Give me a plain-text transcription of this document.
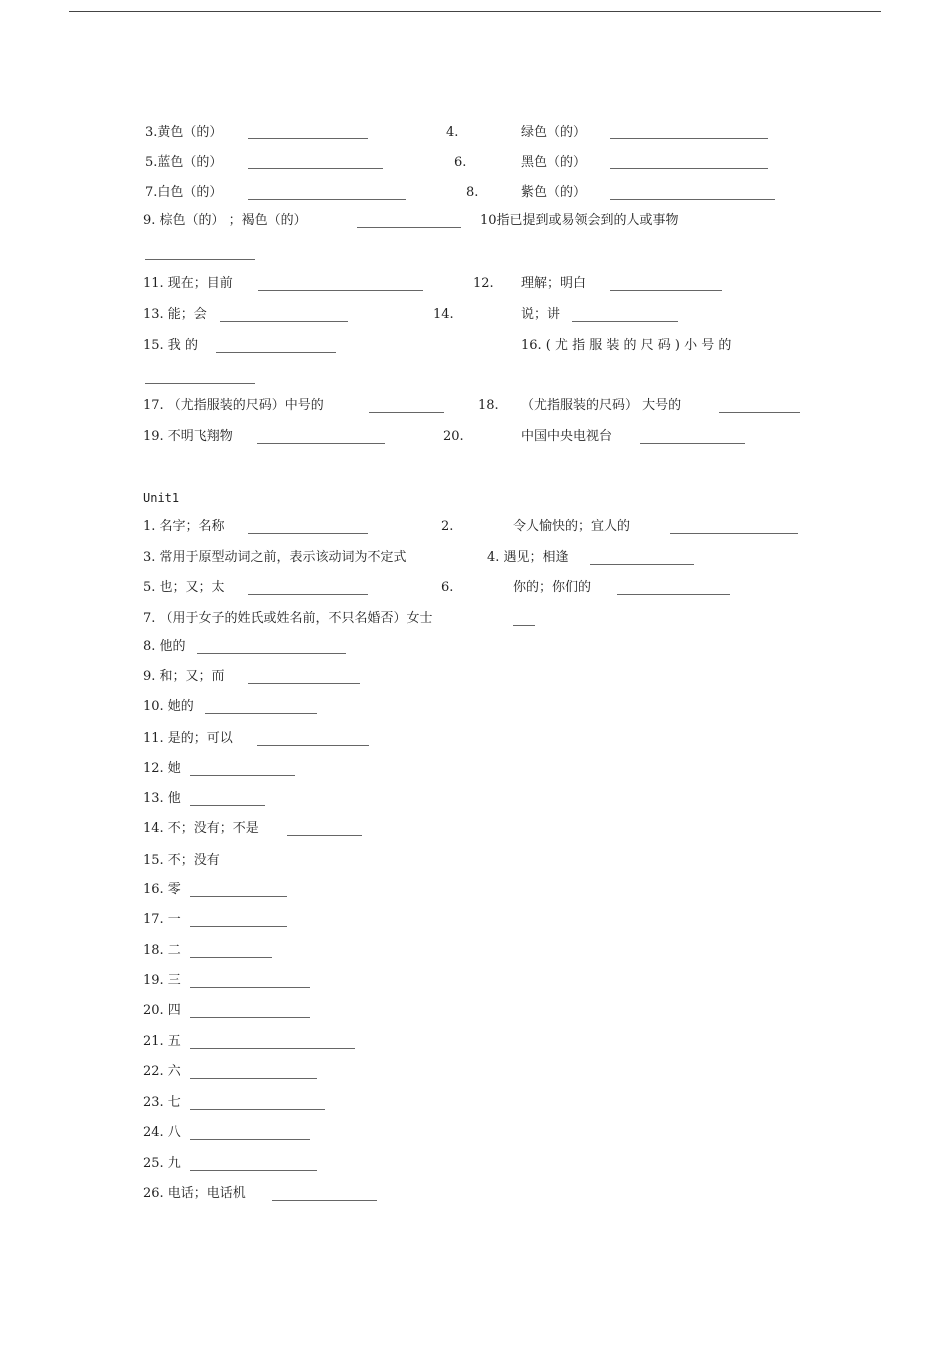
3.黄色（的）	4.	绿色（的）
5.蓝色（的）	6.	黑色（的）
7.白色（的）	8.	紫色（的）
9. 棕色（的） ；褐色（的）	10指已提到或易领会到的人或事物
11. 现在；目前	12. 理解；明白
13. 能；会	14.	说；讲
15. 我 的	16. ( 尤 指 服 装 的 尺 码 ) 小 号 的
17. （尤指服装的尺码）中号的	18. （尤指服装的尺码） 大号的
19. 不明飞翔物	20.	中国中央电视台
Unit1
1. 名字；名称	2.	令人愉快的；宜人的
3. 常用于原型动词之前，表示该动词为不定式	4. 遇见；相逢
5. 也；又；太	6.	你的；你们的
7. （用于女子的姓氏或姓名前，不只名婚否）女士
8. 他的
9. 和；又；而
10. 她的
11. 是的；可以
12. 她
13. 他
14. 不；没有；不是
15. 不；没有
16. 零
17. 一
18. 二
19. 三
20. 四
21. 五
22. 六
23. 七
24. 八
25. 九
26. 电话；电话机
